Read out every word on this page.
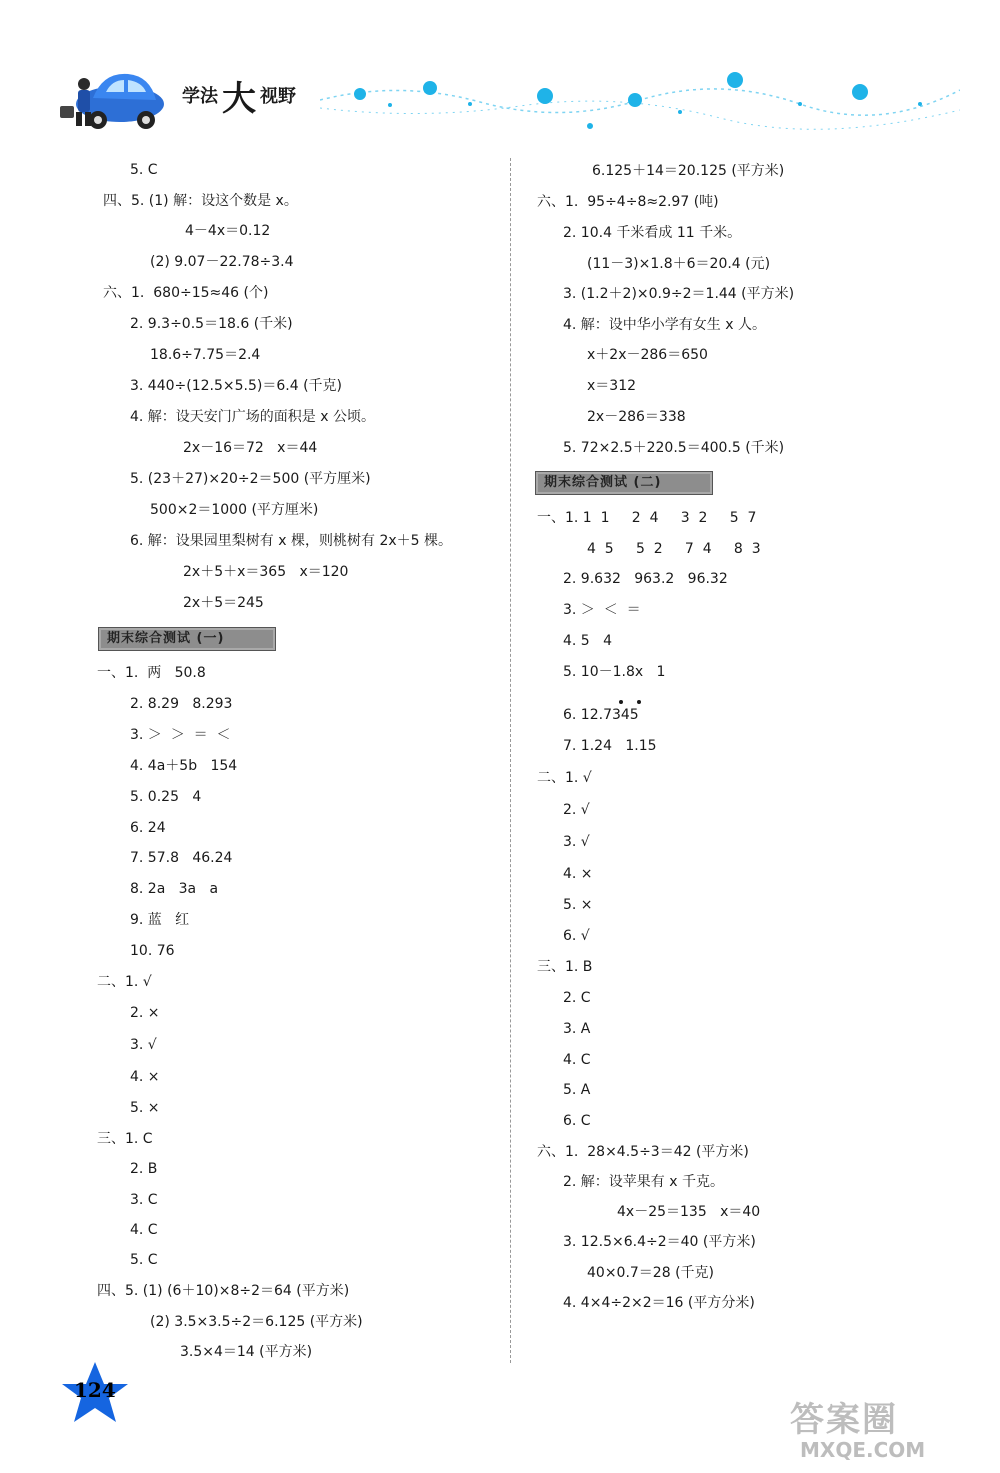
学法 大 视野
5. C
四、5. (1) 解：设这个数是 x。
4－4x＝0.12
(2) 9.07－22.78÷3.4
六、1.  680÷15≈46 (个)
2. 9.3÷0.5＝18.6 (千米)
18.6÷7.75＝2.4
3. 440÷(12.5×5.5)＝6.4 (千克)
4. 解：设天安门广场的面积是 x 公顷。
2x－16＝72   x＝44
5. (23＋27)×20÷2＝500 (平方厘米)
500×2＝1000 (平方厘米)
6. 解：设果园里梨树有 x 棵，则桃树有 2x＋5 棵。
2x＋5＋x＝365   x＝120
2x＋5＝245
期末综合测试 (一)
一、1.  两   50.8
2. 8.29   8.293
3. ＞  ＞  ＝  ＜
4. 4a＋5b   154
5. 0.25   4
6. 24
7. 57.8   46.24
8. 2a   3a   a
9. 蓝   红
10. 76
二、1. √
2. ×
3. √
4. ×
5. ×
三、1. C
2. B
3. C
4. C
5. C
四、5. (1) (6＋10)×8÷2＝64 (平方米)
(2) 3.5×3.5÷2＝6.125 (平方米)
3.5×4＝14 (平方米)
6.125＋14＝20.125 (平方米)
六、1.  95÷4÷8≈2.97 (吨)
2. 10.4 千米看成 11 千米。
(11－3)×1.8＋6＝20.4 (元)
3. (1.2＋2)×0.9÷2＝1.44 (平方米)
4. 解：设中华小学有女生 x 人。
x＋2x－286＝650
x＝312
2x－286＝338
5. 72×2.5＋220.5＝400.5 (千米)
期末综合测试 (二)
一、1. 1  1     2  4     3  2     5  7
4  5     5  2     7  4     8  3
2. 9.632   963.2   96.32
3. ＞  ＜  ＝
4. 5   4
5. 10－1.8x   1
6. 12.7345
7. 1.24   1.15
二、1. √
2. √
3. √
4. ×
5. ×
6. √
三、1. B
2. C
3. A
4. C
5. A
6. C
六、1.  28×4.5÷3＝42 (平方米)
2. 解：设苹果有 x 千克。
4x－25＝135   x＝40
3. 12.5×6.4÷2＝40 (平方米)
40×0.7＝28 (千克)
4. 4×4÷2×2＝16 (平方分米)
124
答案圈
MXQE.COM
